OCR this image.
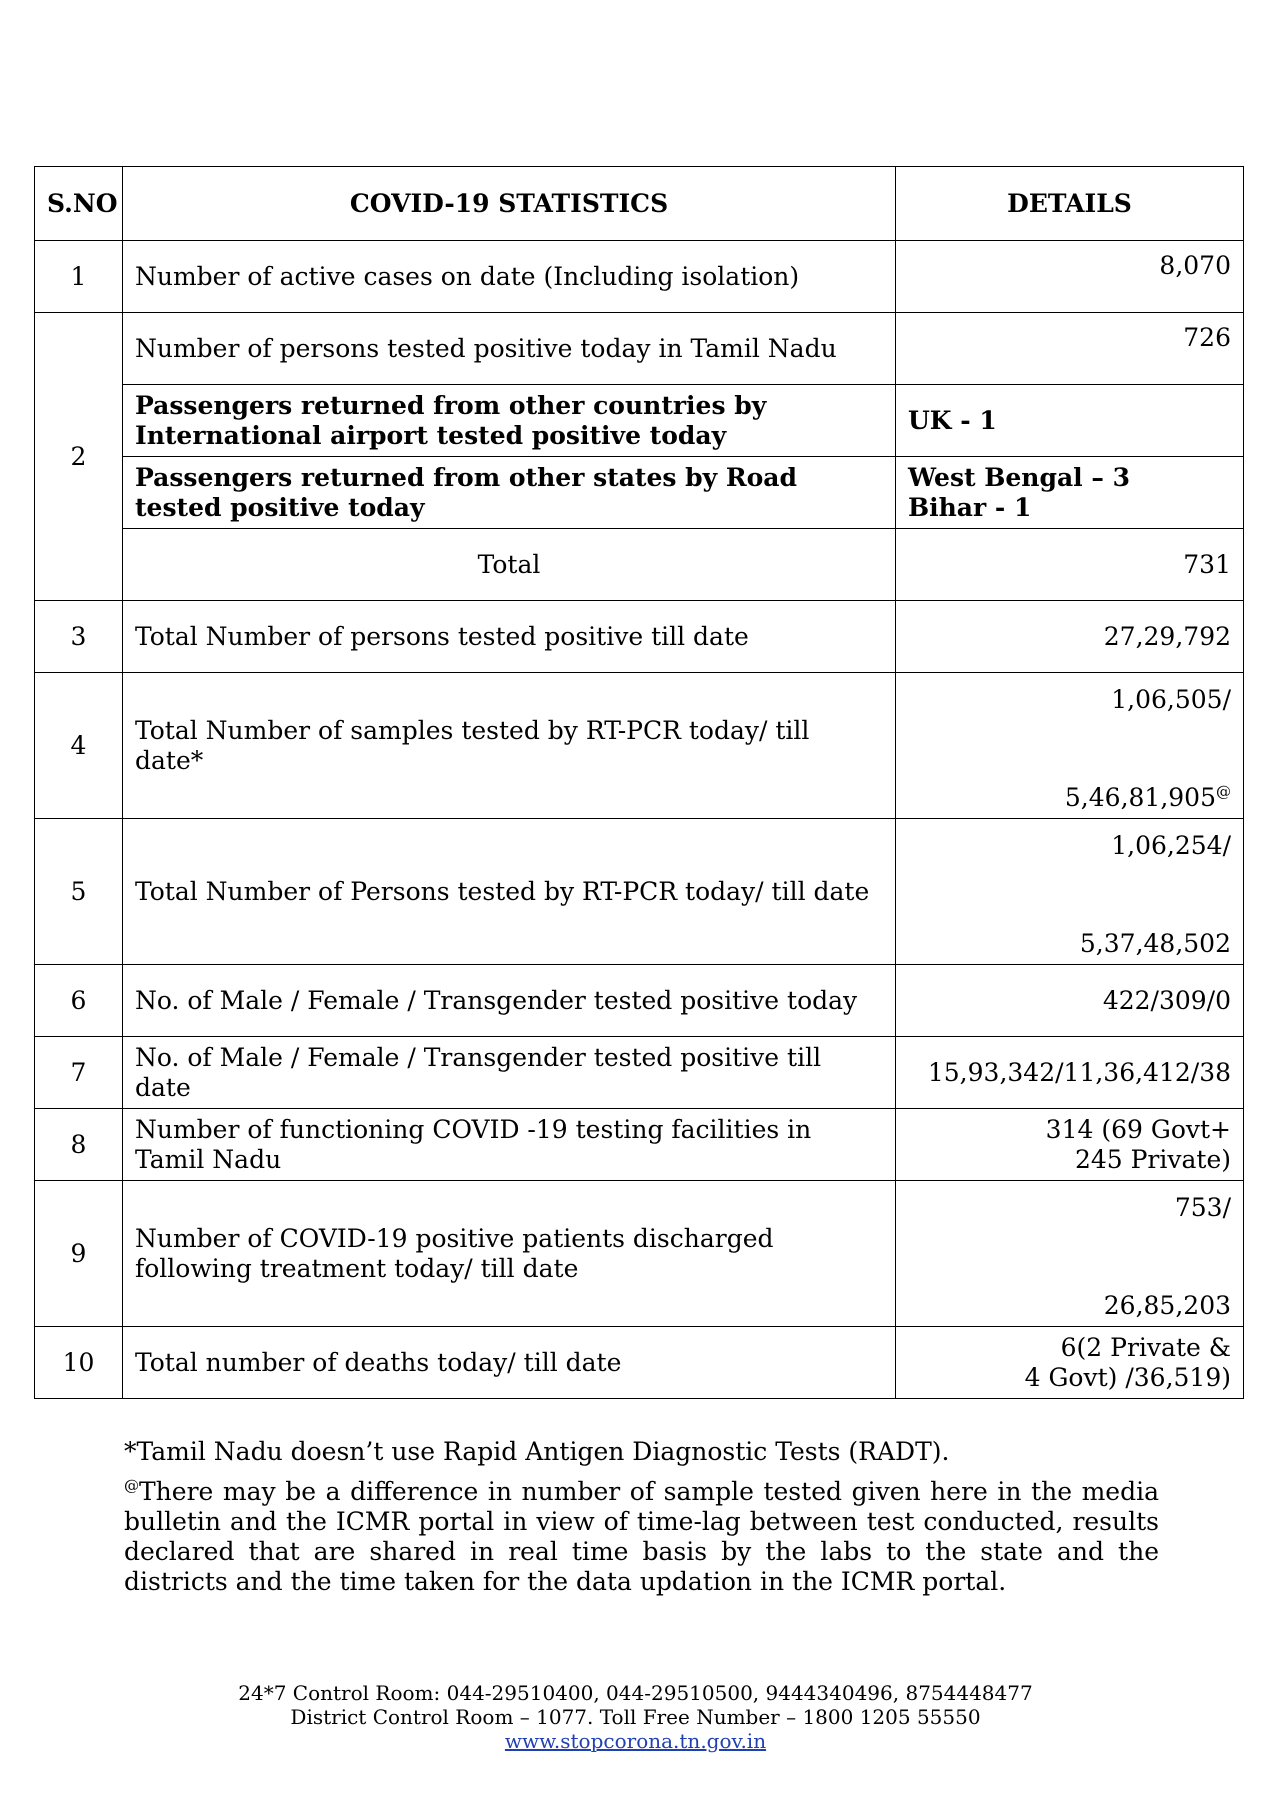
S.NO	COVID-19 STATISTICS	DETAILS
1	Number of active cases on date (Including isolation)	8,070
2	Number of persons tested positive today in Tamil Nadu	726
	Passengers returned from other countries by International airport tested positive today	UK - 1
	Passengers returned from other states by Road tested positive today	West Bengal – 3
Bihar - 1

	Total	731
3	Total Number of persons tested positive till date	27,29,792
4	Total Number of samples tested by RT-PCR today/ till date*	1,06,505/
5,46,81,905@

5	Total Number of Persons tested by RT-PCR today/ till date	1,06,254/
5,37,48,502

6	No. of Male / Female / Transgender tested positive today	422/309/0
7	No. of Male / Female / Transgender tested positive till date	15,93,342/11,36,412/38
8	Number of functioning COVID -19 testing facilities in Tamil Nadu	314 (69 Govt+
245 Private)

9	Number of COVID-19 positive patients discharged following treatment today/ till date	753/
26,85,203

10	Total number of deaths today/ till date	6(2 Private &
4 Govt) /36,519)

*Tamil Nadu doesn’t use Rapid Antigen Diagnostic Tests (RADT).

@There may be a difference in number of sample tested given here in the media bulletin and the ICMR portal in view of time-lag between test conducted, results declared that are shared in real time basis by the labs to the state and the districts and the time taken for the data updation in the ICMR portal.

24*7 Control Room: 044-29510400, 044-29510500, 9444340496, 8754448477
District Control Room – 1077. Toll Free Number – 1800 1205 55550
www.stopcorona.tn.gov.in
